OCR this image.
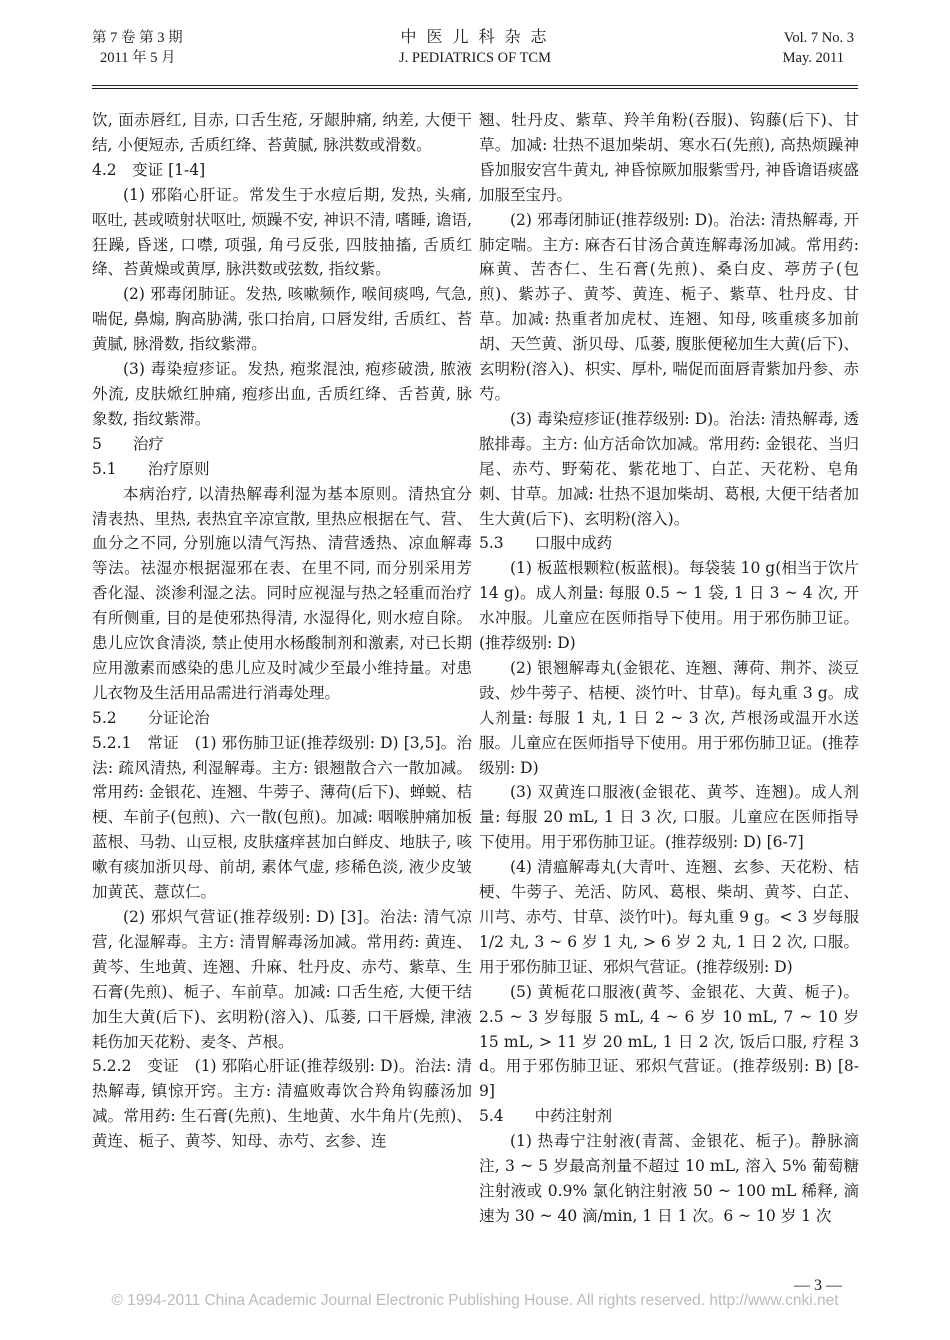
第 7 卷 第 3 期
2011 年 5 月
中 医 儿 科 杂 志
J. PEDIATRICS OF TCM
Vol. 7 No. 3
May. 2011

饮, 面赤唇红, 目赤, 口舌生疮, 牙龈肿痛, 纳差, 大便干结, 小便短赤, 舌质红绛、苔黄腻, 脉洪数或滑数。

4.2　变证 [1-4]

(1) 邪陷心肝证。常发生于水痘后期, 发热, 头痛, 呕吐, 甚或喷射状呕吐, 烦躁不安, 神识不清, 嗜睡, 谵语, 狂躁, 昏迷, 口噤, 项强, 角弓反张, 四肢抽搐, 舌质红绛、苔黄燥或黄厚, 脉洪数或弦数, 指纹紫。

(2) 邪毒闭肺证。发热, 咳嗽频作, 喉间痰鸣, 气急, 喘促, 鼻煽, 胸高胁满, 张口抬肩, 口唇发绀, 舌质红、苔黄腻, 脉滑数, 指纹紫滞。

(3) 毒染痘疹证。发热, 疱浆混浊, 疱疹破溃, 脓液外流, 皮肤焮红肿痛, 疱疹出血, 舌质红绛、舌苔黄, 脉象数, 指纹紫滞。

5　　治疗

5.1　　治疗原则

本病治疗, 以清热解毒利湿为基本原则。清热宜分清表热、里热, 表热宜辛凉宣散, 里热应根据在气、营、血分之不同, 分别施以清气泻热、清营透热、凉血解毒等法。祛湿亦根据湿邪在表、在里不同, 而分别采用芳香化湿、淡渗利湿之法。同时应视湿与热之轻重而治疗有所侧重, 目的是使邪热得清, 水湿得化, 则水痘自除。患儿应饮食清淡, 禁止使用水杨酸制剂和激素, 对已长期应用激素而感染的患儿应及时减少至最小维持量。对患儿衣物及生活用品需进行消毒处理。

5.2　　分证论治

5.2.1　常证　(1) 邪伤肺卫证(推荐级别: D) [3,5]。治法: 疏风清热, 利湿解毒。主方: 银翘散合六一散加减。常用药: 金银花、连翘、牛蒡子、薄荷(后下)、蝉蜕、桔梗、车前子(包煎)、六一散(包煎)。加减: 咽喉肿痛加板蓝根、马勃、山豆根, 皮肤瘙痒甚加白鲜皮、地肤子, 咳嗽有痰加浙贝母、前胡, 素体气虚, 疹稀色淡, 液少皮皱加黄芪、薏苡仁。

(2) 邪炽气营证(推荐级别: D) [3]。治法: 清气凉营, 化湿解毒。主方: 清胃解毒汤加减。常用药: 黄连、黄芩、生地黄、连翘、升麻、牡丹皮、赤芍、紫草、生石膏(先煎)、栀子、车前草。加减: 口舌生疮, 大便干结加生大黄(后下)、玄明粉(溶入)、瓜蒌, 口干唇燥, 津液耗伤加天花粉、麦冬、芦根。

5.2.2　变证　(1) 邪陷心肝证(推荐级别: D)。治法: 清热解毒, 镇惊开窍。主方: 清瘟败毒饮合羚角钩藤汤加减。常用药: 生石膏(先煎)、生地黄、水牛角片(先煎)、黄连、栀子、黄芩、知母、赤芍、玄参、连

翘、牡丹皮、紫草、羚羊角粉(吞服)、钩藤(后下)、甘草。加减: 壮热不退加柴胡、寒水石(先煎), 高热烦躁神昏加服安宫牛黄丸, 神昏惊厥加服紫雪丹, 神昏谵语痰盛加服至宝丹。

(2) 邪毒闭肺证(推荐级别: D)。治法: 清热解毒, 开肺定喘。主方: 麻杏石甘汤合黄连解毒汤加减。常用药: 麻黄、苦杏仁、生石膏(先煎)、桑白皮、葶苈子(包煎)、紫苏子、黄芩、黄连、栀子、紫草、牡丹皮、甘草。加减: 热重者加虎杖、连翘、知母, 咳重痰多加前胡、天竺黄、浙贝母、瓜蒌, 腹胀便秘加生大黄(后下)、玄明粉(溶入)、枳实、厚朴, 喘促而面唇青紫加丹参、赤芍。

(3) 毒染痘疹证(推荐级别: D)。治法: 清热解毒, 透脓排毒。主方: 仙方活命饮加减。常用药: 金银花、当归尾、赤芍、野菊花、紫花地丁、白芷、天花粉、皂角刺、甘草。加减: 壮热不退加柴胡、葛根, 大便干结者加生大黄(后下)、玄明粉(溶入)。

5.3　　口服中成药

(1) 板蓝根颗粒(板蓝根)。每袋装 10 g(相当于饮片 14 g)。成人剂量: 每服 0.5 ~ 1 袋, 1 日 3 ~ 4 次, 开水冲服。儿童应在医师指导下使用。用于邪伤肺卫证。(推荐级别: D)

(2) 银翘解毒丸(金银花、连翘、薄荷、荆芥、淡豆豉、炒牛蒡子、桔梗、淡竹叶、甘草)。每丸重 3 g。成人剂量: 每服 1 丸, 1 日 2 ~ 3 次, 芦根汤或温开水送服。儿童应在医师指导下使用。用于邪伤肺卫证。(推荐级别: D)

(3) 双黄连口服液(金银花、黄芩、连翘)。成人剂量: 每服 20 mL, 1 日 3 次, 口服。儿童应在医师指导下使用。用于邪伤肺卫证。(推荐级别: D) [6-7]

(4) 清瘟解毒丸(大青叶、连翘、玄参、天花粉、桔梗、牛蒡子、羌活、防风、葛根、柴胡、黄芩、白芷、川芎、赤芍、甘草、淡竹叶)。每丸重 9 g。< 3 岁每服 1/2 丸, 3 ~ 6 岁 1 丸, > 6 岁 2 丸, 1 日 2 次, 口服。用于邪伤肺卫证、邪炽气营证。(推荐级别: D)

(5) 黄栀花口服液(黄芩、金银花、大黄、栀子)。2.5 ~ 3 岁每服 5 mL, 4 ~ 6 岁 10 mL, 7 ~ 10 岁 15 mL, > 11 岁 20 mL, 1 日 2 次, 饭后口服, 疗程 3 d。用于邪伤肺卫证、邪炽气营证。(推荐级别: B) [8-9]

5.4　　中药注射剂

(1) 热毒宁注射液(青蒿、金银花、栀子)。静脉滴注, 3 ~ 5 岁最高剂量不超过 10 mL, 溶入 5% 葡萄糖注射液或 0.9% 氯化钠注射液 50 ~ 100 mL 稀释, 滴速为 30 ~ 40 滴/min, 1 日 1 次。6 ~ 10 岁 1 次

— 3 —
© 1994-2011 China Academic Journal Electronic Publishing House. All rights reserved. http://www.cnki.net
